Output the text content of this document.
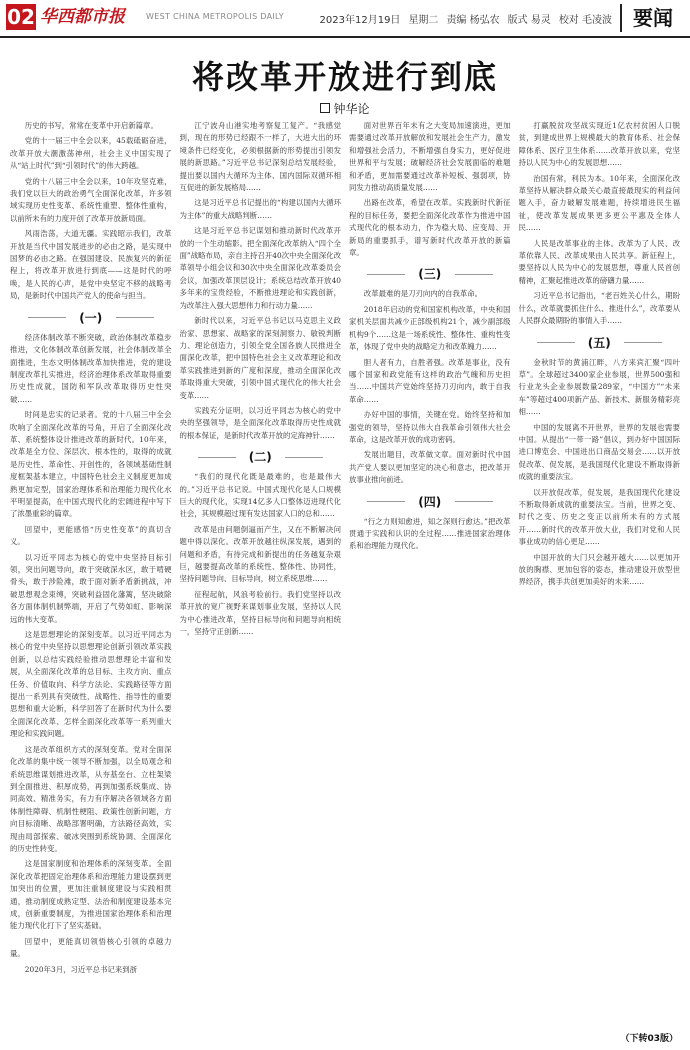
02 华西都市报	WEST CHINA METROPOLIS DAILY	2023年12月19日 星期二 责编 杨弘农 版式 易灵 校对 毛凌波	要闻
将改革开放进行到底
钟华论

历史的书写，常常在变革中开启新篇章。

党的十一届三中全会以来，45载砥砺奋进，改革开放大潮激荡神州，社会主义中国实现了从“站上时代”到“引领时代”的伟大跨越。

党的十八届三中全会以来，10年攻坚克难，我们党以巨大的政治勇气全面深化改革，许多领域实现历史性变革、系统性重塑、整体性重构，以前所未有的力度开创了改革开放新局面。

风雨浩荡，大道无疆。实践昭示我们，改革开放是当代中国发展进步的必由之路，是实现中国梦的必由之路。在强国建设、民族复兴的新征程上，将改革开放进行到底——这是时代的呼唤，是人民的心声，是党中央坚定不移的战略考局，是新时代中国共产党人的使命与担当。

(一)

经济体制改革不断突破，政治体制改革稳步推进，文化体制改革创新发展，社会体制改革全面推进，生态文明体制改革加快推进，党的建设制度改革扎实推进，经济治理体系改革取得重要历史性成就，国防和军队改革取得历史性突破……

时间是忠实的记录者。党的十八届三中全会吹响了全面深化改革的号角，开启了全面深化改革、系统整体设计推进改革的新时代。10年来，改革是全方位、深层次、根本性的，取得的成就是历史性、革命性、开创性的，各领域基础性制度框架基本建立，中国特色社会主义制度更加成熟更加定型，国家治理体系和治理能力现代化水平明显提高，在中国式现代化的宏阔进程中写下了浓墨重彩的篇章。

回望中，更能感悟“历史性变革”的真切含义。

以习近平同志为核心的党中央坚持目标引领，突出问题导向，敢于突破深水区，敢于啃硬骨头，敢于涉险滩，敢于面对新矛盾新挑战，冲破思想观念束缚，突破利益固化藩篱，坚决破除各方面体制机制弊端，开启了气势如虹、影响深远的伟大变革。

这是思想理论的深刻变革。以习近平同志为核心的党中央坚持以思想理论创新引领改革实践创新，以总结实践经验推动思想理论丰富和发展，从全面深化改革的总目标、主攻方向、重点任务、价值取向、科学方法论、实践路径等方面提出一系列具有突破性、战略性、指导性的重要思想和重大论断，科学回答了在新时代为什么要全面深化改革、怎样全面深化改革等一系列重大理论和实践问题。

这是改革组织方式的深刻变革。党对全面深化改革的集中统一领导不断加强，以全局观念和系统思维谋划推进改革，从夯基垒台、立柱架梁到全面推进、积厚成势，再到加强系统集成、协同高效、精准务实，有力有序解决各领域各方面体制性障碍、机制性梗阻、政策性创新问题，方向目标清晰、战略部署明确，方法路径高效，实现由局部探索、破冰突围到系统协调、全面深化的历史性转变。

这是国家制度和治理体系的深刻变革。全面深化改革把固定治理体系和治理能力建设摆到更加突出的位置，更加注重制度建设与实践相贯通，推动制度成熟定型、法治和制度建设基本完成，创新重要制度，为推进国家治理体系和治理能力现代化打下了坚实基础。

回望中，更能真切领悟核心引领的卓越力量。

2020年3月，习近平总书记来到浙

江宁波舟山港实地考察复工复产。“我感觉到，现在的形势已经跟不一样了，大进大出的环境条件已经变化，必须根据新的形势提出引领发展的新思路。”习近平总书记深刻总结发展经验，提出要以国内大循环为主体、国内国际双循环相互促进的新发展格局……

这是习近平总书记提出的“构建以国内大循环为主体”的重大战略判断……

这是习近平总书记谋划和推动新时代改革开放的一个生动缩影。把全面深化改革纳入“四个全面”战略布局，亲自主持召开40次中央全面深化改革领导小组会议和30次中央全面深化改革委员会会议，加强改革顶层设计；系统总结改革开放40多年来的宝贵经验，不断推进理论和实践创新，为改革注入强大思想伟力和行动力量……

新时代以来，习近平总书记以马克思主义政治家、思想家、战略家的深刻洞察力、敏锐判断力、理论创造力，引领全党全国各族人民推进全面深化改革，把中国特色社会主义改革理论和改革实践推进到新的广度和深度，推动全面深化改革取得重大突破，引领中国式现代化的伟大社会变革……

实践充分证明，以习近平同志为核心的党中央的坚强领导，是全面深化改革取得历史性成就的根本保证，是新时代改革开放的定海神针……

(二)

“我们的现代化既是最难的，也是最伟大的。”习近平总书记说。中国式现代化是人口规模巨大的现代化，实现14亿多人口整体迈进现代化社会，其规模超过现有发达国家人口的总和……

改革是由问题倒逼而产生，又在不断解决问题中得以深化。改革开放越往纵深发展，遇到的问题和矛盾，有待完成和新提出的任务越复杂艰巨，越要提高改革的系统性、整体性、协同性，坚持问题导向、目标导向，树立系统思维……

征程起航，风浪考验前行。我们党坚持以改革开放的宽广视野来谋划事业发展，坚持以人民为中心推进改革，坚持目标导向和问题导向相统一，坚持守正创新……

面对世界百年未有之大变局加速演进，更加需要通过改革开放解放和发展社会生产力，激发和增强社会活力，不断增强自身实力，更好促进世界和平与发展；破解经济社会发展面临的难题和矛盾，更加需要通过改革补短板、强弱项，协同发力推动高质量发展……

出路在改革，希望在改革。实践新时代新征程的目标任务，要把全面深化改革作为推进中国式现代化的根本动力，作为稳大局、应变局、开新局的重要抓手，谱写新时代改革开放的新篇章。

(三)

改革最难的是刀刃向内的自我革命。

2018年启动的党和国家机构改革，中央和国家机关层面共减少正部级机构21个，减少副部级机构9个……这是一场系统性、整体性、重构性变革，体现了党中央的战略定力和改革魄力……

胆人者有力，自胜者强。改革是事业，没有哪个国家和政党能有这样的政治气魄和历史担当……中国共产党始终坚持刀刃向内，敢于自我革命……

办好中国的事情，关键在党。始终坚持和加强党的领导，坚持以伟大自我革命引领伟大社会革命，这是改革开放的成功密码。

发展出题目，改革做文章。面对新时代中国共产党人要以更加坚定的决心和意志，把改革开放事业推向前进。

(四)

“行之力则知愈进，知之深则行愈达。”把改革贯通于实践和认识的全过程……推进国家治理体系和治理能力现代化。

打赢脱贫攻坚战实现近1亿农村贫困人口脱贫，到建成世界上规模最大的教育体系、社会保障体系、医疗卫生体系……改革开放以来，党坚持以人民为中心的发展思想……

治国有常，利民为本。10年来，全面深化改革坚持从解决群众最关心最直接最现实的利益问题入手，奋力破解发展难题，持续增进民生福祉，使改革发展成果更多更公平惠及全体人民……

人民是改革事业的主体。改革为了人民、改革依靠人民、改革成果由人民共享。新征程上，要坚持以人民为中心的发展思想，尊重人民首创精神，汇聚起推进改革的磅礴力量……

习近平总书记指出，“老百姓关心什么，期盼什么，改革就要抓住什么、推进什么”，改革要从人民群众最期盼的事情入手……

(五)

金秋时节的黄浦江畔，八方来宾汇聚“四叶草”。全球超过3400家企业参展，世界500强和行业龙头企业参展数量289家，“中国方”“未来车”等超过400项新产品、新技术、新服务精彩亮相……

中国的发展离不开世界，世界的发展也需要中国。从提出“一带一路”倡议，到办好中国国际进口博览会、中国进出口商品交易会……以开放促改革、促发展，是我国现代化建设不断取得新成就的重要法宝。

以开放促改革，促发展，是我国现代化建设不断取得新成就的重要法宝。当前，世界之变、时代之变、历史之变正以前所未有的方式展开……新时代的改革开放大业，我们对党和人民事业成功的信心更足……

中国开放的大门只会越开越大……以更加开放的胸襟、更加包容的姿态，推动建设开放型世界经济，携手共创更加美好的未来……

（下转03版）
